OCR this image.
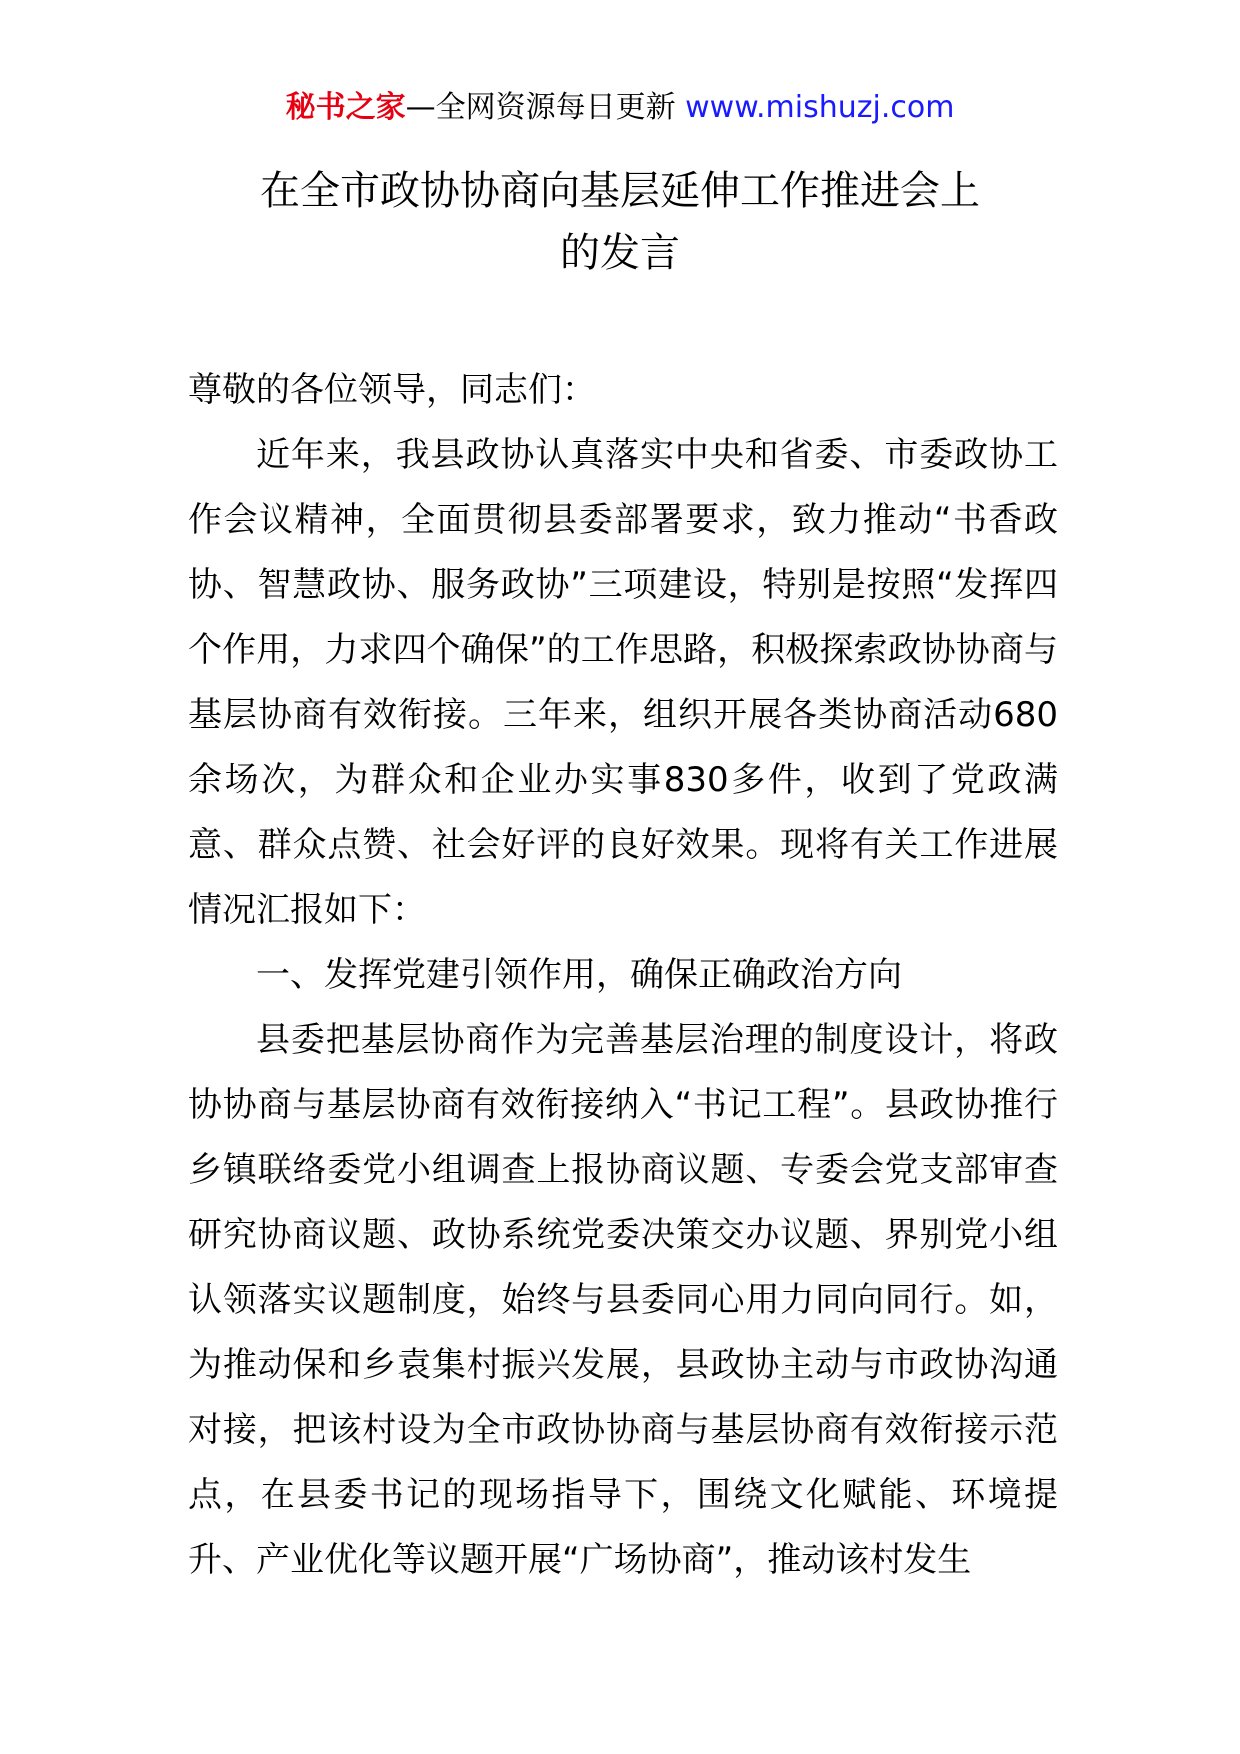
秘书之家—全网资源每日更新 www.mishuzj.com
在全市政协协商向基层延伸工作推进会上
的发言

尊敬的各位领导，同志们：

近年来，我县政协认真落实中央和省委、市委政协工作会议精神，全面贯彻县委部署要求，致力推动“书香政协、智慧政协、服务政协”三项建设，特别是按照“发挥四个作用，力求四个确保”的工作思路，积极探索政协协商与基层协商有效衔接。三年来，组织开展各类协商活动680余场次，为群众和企业办实事830多件，收到了党政满意、群众点赞、社会好评的良好效果。现将有关工作进展情况汇报如下：

一、发挥党建引领作用，确保正确政治方向

县委把基层协商作为完善基层治理的制度设计，将政协协商与基层协商有效衔接纳入“书记工程”。县政协推行乡镇联络委党小组调查上报协商议题、专委会党支部审查研究协商议题、政协系统党委决策交办议题、界别党小组认领落实议题制度，始终与县委同心用力同向同行。如，为推动保和乡袁集村振兴发展，县政协主动与市政协沟通对接，把该村设为全市政协协商与基层协商有效衔接示范点，在县委书记的现场指导下，围绕文化赋能、环境提升、产业优化等议题开展“广场协商”，推动该村发生
